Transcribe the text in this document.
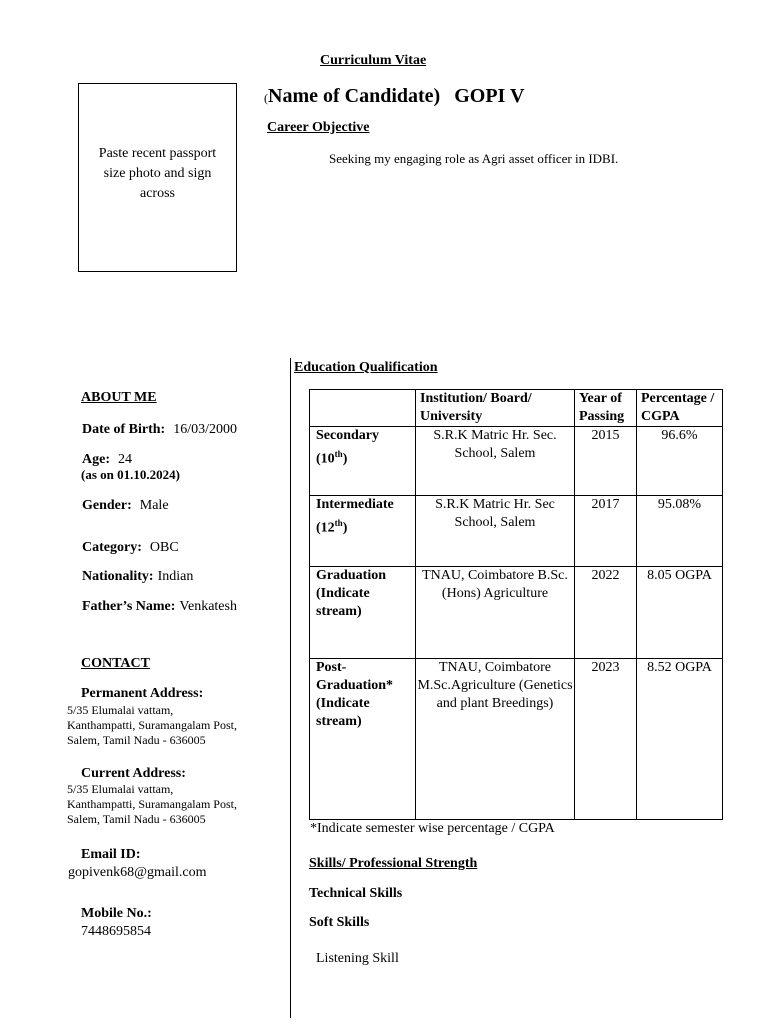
Curriculum Vitae
Paste recent passport size photo and sign across
(Name of Candidate) GOPI V
Career Objective
Seeking my engaging role as Agri asset officer in IDBI.
ABOUT ME
Date of Birth: 16/03/2000
Age: 24
(as on 01.10.2024)
Gender: Male
Category: OBC
Nationality: Indian
Father’s Name: Venkatesh
CONTACT
Permanent Address:
5/35 Elumalai vattam,
Kanthampatti, Suramangalam Post,
Salem, Tamil Nadu - 636005
Current Address:
5/35 Elumalai vattam,
Kanthampatti, Suramangalam Post,
Salem, Tamil Nadu - 636005
Email ID:
gopivenk68@gmail.com
Mobile No.:
7448695854
Education Qualification
	Institution/ Board/ University	Year of Passing	Percentage / CGPA
Secondary (10th)	S.R.K Matric Hr. Sec. School, Salem	2015	96.6%
Intermediate (12th)	S.R.K Matric Hr. Sec School, Salem	2017	95.08%
Graduation (Indicate stream)	TNAU, Coimbatore B.Sc. (Hons) Agriculture	2022	8.05 OGPA
Post-Graduation* (Indicate stream)	TNAU, Coimbatore M.Sc.Agriculture (Genetics and plant Breedings)	2023	8.52 OGPA
*Indicate semester wise percentage / CGPA
Skills/ Professional Strength
Technical Skills
Soft Skills
Listening Skill
